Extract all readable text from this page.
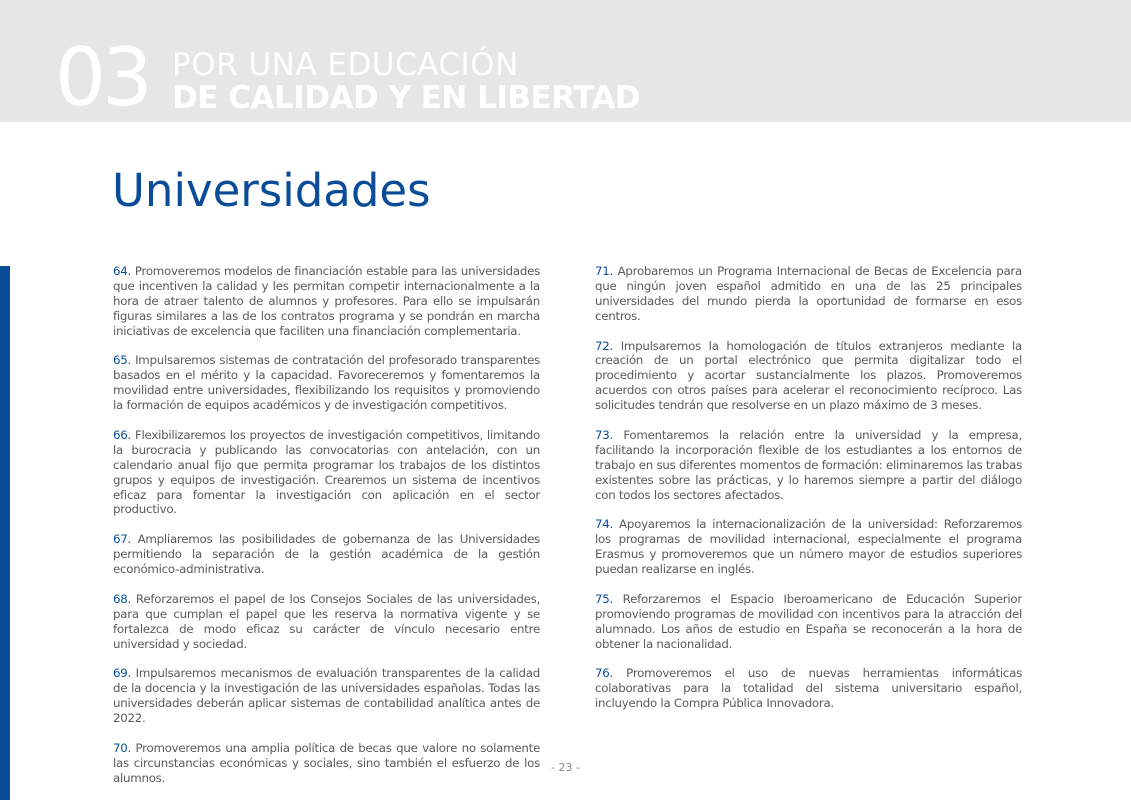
03 POR UNA EDUCACIÓN
DE CALIDAD Y EN LIBERTAD
Universidades

64. Promoveremos modelos de financiación estable para las universidades que incentiven la calidad y les permitan competir internacionalmente a la hora de atraer talento de alumnos y profesores. Para ello se impulsarán figuras similares a las de los contratos programa y se pondrán en marcha iniciativas de excelencia que faciliten una financiación complementaria.

65. Impulsaremos sistemas de contratación del profesorado transparentes basados en el mérito y la capacidad. Favoreceremos y fomentaremos la movilidad entre universidades, flexibilizando los requisitos y promoviendo la formación de equipos académicos y de investigación competitivos.

66. Flexibilizaremos los proyectos de investigación competitivos, limitando la burocracia y publicando las convocatorias con antelación, con un calendario anual fijo que permita programar los trabajos de los distintos grupos y equipos de investigación. Crearemos un sistema de incentivos eficaz para fomentar la investigación con aplicación en el sector productivo.

67. Ampliaremos las posibilidades de gobernanza de las Universidades permitiendo la separación de la gestión académica de la gestión económico-administrativa.

68. Reforzaremos el papel de los Consejos Sociales de las universidades, para que cumplan el papel que les reserva la normativa vigente y se fortalezca de modo eficaz su carácter de vínculo necesario entre universidad y sociedad.

69. Impulsaremos mecanismos de evaluación transparentes de la calidad de la docencia y la investigación de las universidades españolas. Todas las universidades deberán aplicar sistemas de contabilidad analítica antes de 2022.

70. Promoveremos una amplia política de becas que valore no solamente las circunstancias económicas y sociales, sino también el esfuerzo de los alumnos.

71. Aprobaremos un Programa Internacional de Becas de Excelencia para que ningún joven español admitido en una de las 25 principales universidades del mundo pierda la oportunidad de formarse en esos centros.

72. Impulsaremos la homologación de títulos extranjeros mediante la creación de un portal electrónico que permita digitalizar todo el procedimiento y acortar sustancialmente los plazos. Promoveremos acuerdos con otros países para acelerar el reconocimiento recíproco. Las solicitudes tendrán que resolverse en un plazo máximo de 3 meses.

73. Fomentaremos la relación entre la universidad y la empresa, facilitando la incorporación flexible de los estudiantes a los entornos de trabajo en sus diferentes momentos de formación: eliminaremos las trabas existentes sobre las prácticas, y lo haremos siempre a partir del diálogo con todos los sectores afectados.

74. Apoyaremos la internacionalización de la universidad: Reforzaremos los programas de movilidad internacional, especialmente el programa Erasmus y promoveremos que un número mayor de estudios superiores puedan realizarse en inglés.

75. Reforzaremos el Espacio Iberoamericano de Educación Superior promoviendo programas de movilidad con incentivos para la atracción del alumnado. Los años de estudio en España se reconocerán a la hora de obtener la nacionalidad.

76. Promoveremos el uso de nuevas herramientas informáticas colaborativas para la totalidad del sistema universitario español, incluyendo la Compra Pública Innovadora.

- 23 -
